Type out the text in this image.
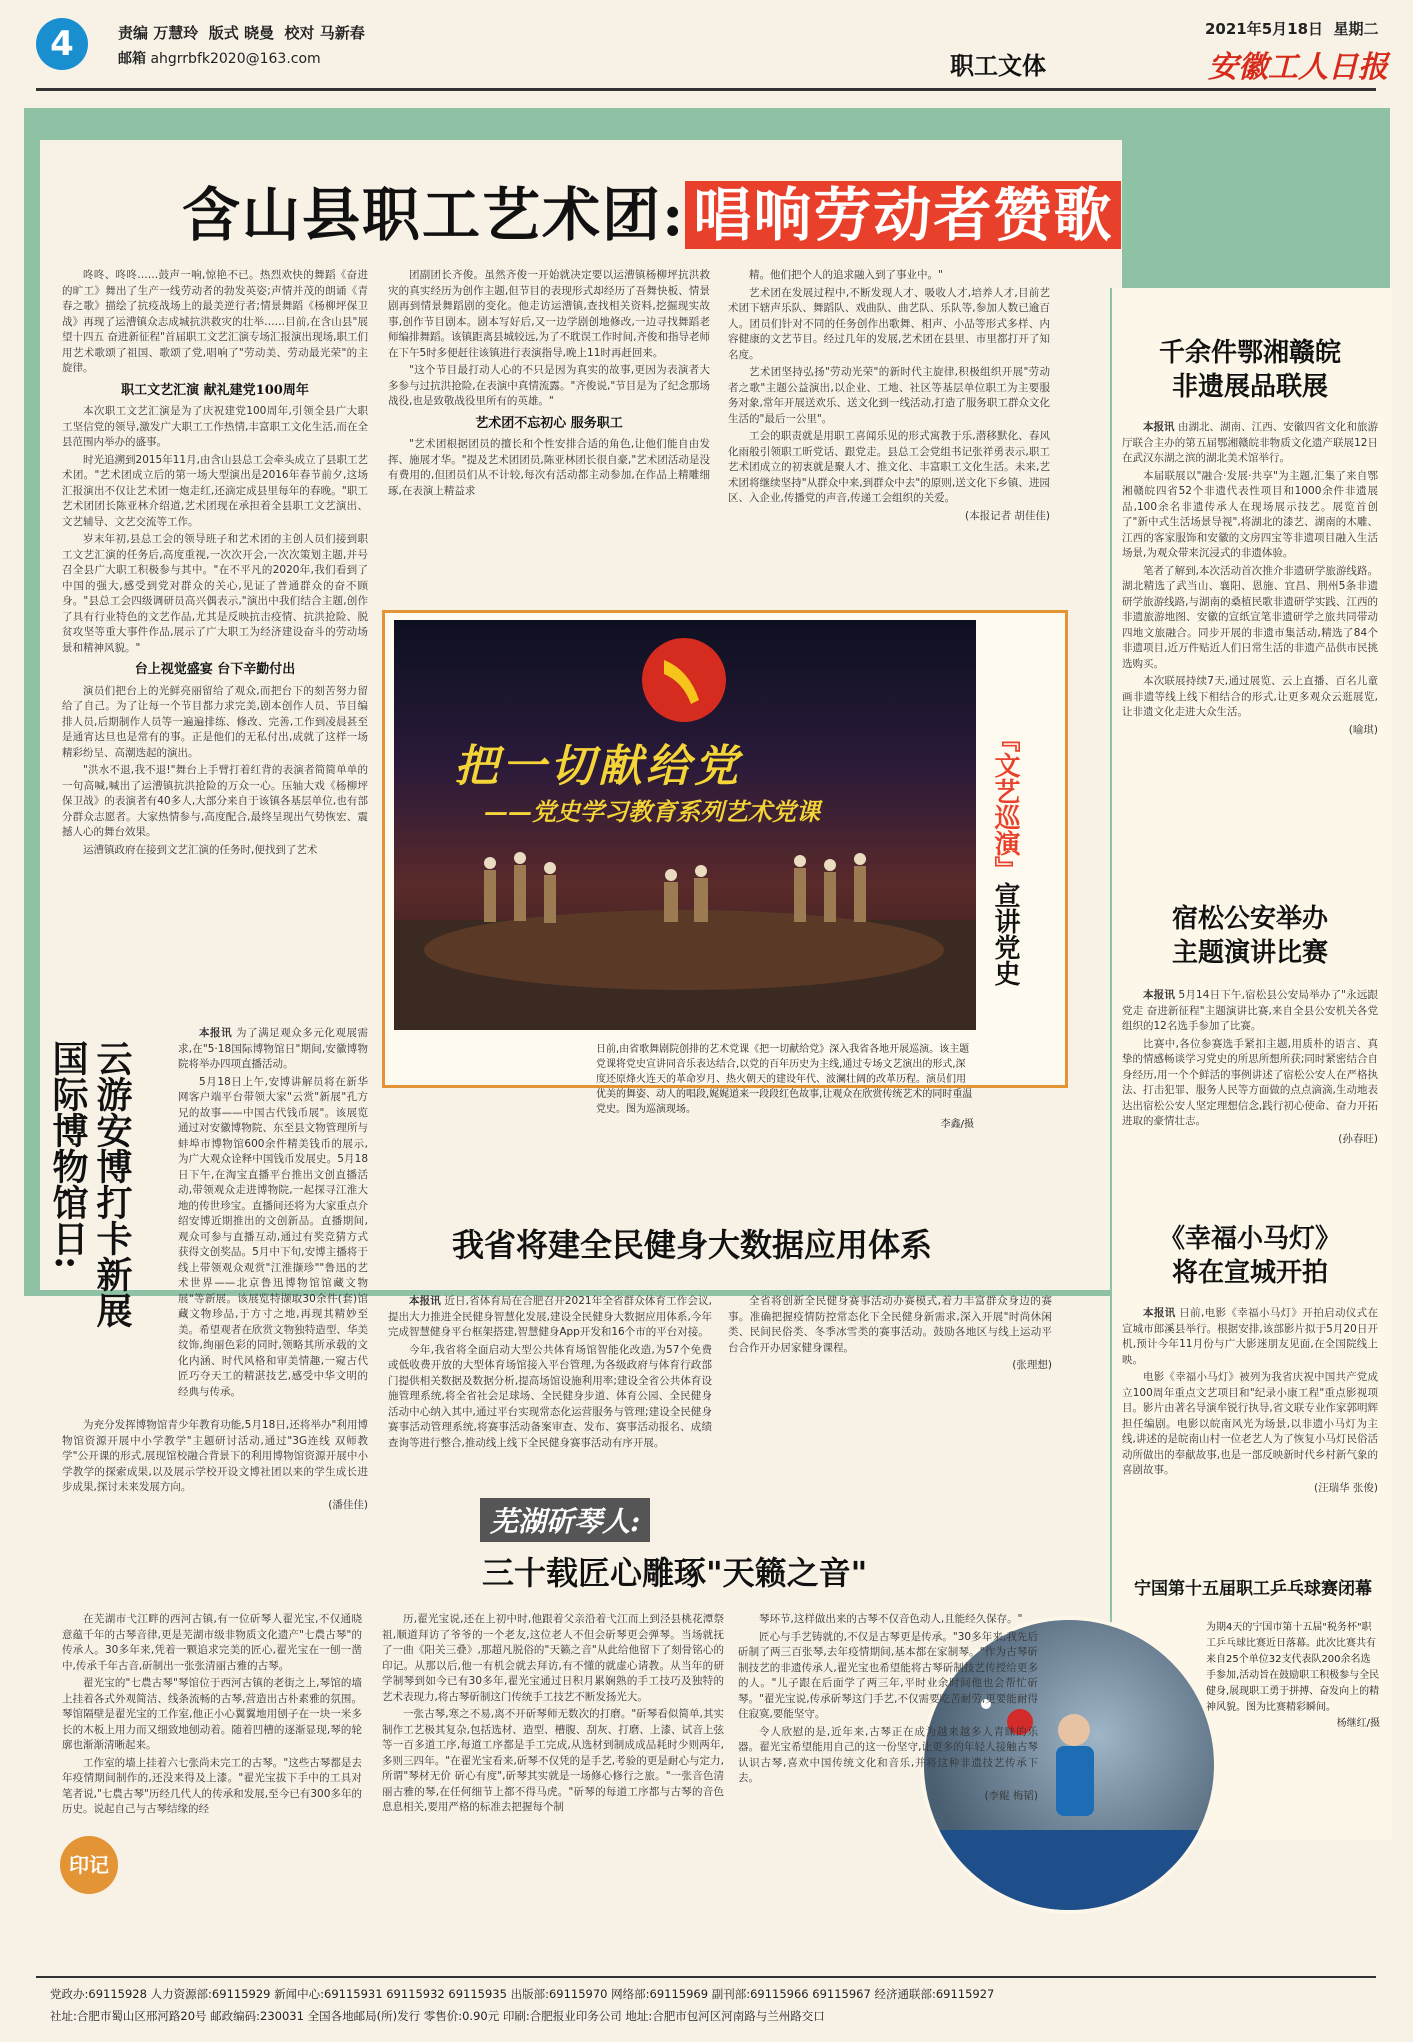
4	责编 万慧玲 版式 晓曼 校对 马新春
邮箱 ahgrrbfk2020@163.com	职工文体
2021年5月18日 星期二
安徽工人日报
含山县职工艺术团: 唱响劳动者赞歌

咚咚、咚咚……鼓声一响,惊艳不已。热烈欢快的舞蹈《奋进的旷工》舞出了生产一线劳动者的勃发英姿;声情并茂的朗诵《青春之歌》描绘了抗疫战场上的最美逆行者;情景舞蹈《杨柳坪保卫战》再现了运漕镇众志成城抗洪救灾的壮举……目前,在含山县"展望十四五 奋进新征程"首届职工文艺汇演专场汇报演出现场,职工们用艺术歌颂了祖国、歌颂了党,唱响了"劳动美、劳动最光荣"的主旋律。

职工文艺汇演 献礼建党100周年

本次职工文艺汇演是为了庆祝建党100周年,引领全县广大职工坚信党的领导,激发广大职工工作热情,丰富职工文化生活,而在全县范围内举办的盛事。

时光追溯到2015年11月,由含山县总工会牵头成立了县职工艺术团。"艺术团成立后的第一场大型演出是2016年春节前夕,这场汇报演出不仅让艺术团一炮走红,还滴定成县里每年的春晚。"职工艺术团团长陈亚林介绍道,艺术团现在承担着全县职工文艺演出、文艺辅导、文艺交流等工作。

岁末年初,县总工会的领导班子和艺术团的主创人员们接到职工文艺汇演的任务后,高度重视,一次次开会,一次次策划主题,并号召全县广大职工积极参与其中。"在不平凡的2020年,我们看到了中国的强大,感受到党对群众的关心,见证了普通群众的奋不顾身。"县总工会四级调研员高兴偶表示,"演出中我们结合主题,创作了具有行业特色的文艺作品,尤其是反映抗击疫情、抗洪抢险、脱贫攻坚等重大事件作品,展示了广大职工为经济建设奋斗的劳动场景和精神风貌。"

台上视觉盛宴 台下辛勤付出

演员们把台上的光鲜亮丽留给了观众,而把台下的刻苦努力留给了自己。为了让每一个节目都力求完美,剧本创作人员、节目编排人员,后期制作人员等一遍遍排练、修改、完善,工作到凌晨甚至是通宵达旦也是常有的事。正是他们的无私付出,成就了这样一场精彩纷呈、高潮迭起的演出。

"洪水不退,我不退!"舞台上手臂打着红背的表演者简简单单的一句高喊,喊出了运漕镇抗洪抢险的万众一心。压轴大戏《杨柳坪保卫战》的表演者有40多人,大部分来自于该镇各基层单位,也有部分群众志愿者。大家热情参与,高度配合,最终呈现出气势恢宏、震撼人心的舞台效果。

运漕镇政府在接到文艺汇演的任务时,便找到了艺术

团副团长齐俊。虽然齐俊一开始就决定要以运漕镇杨柳坪抗洪救灾的真实经历为创作主题,但节目的表现形式却经历了吾舞快板、情景剧再到情景舞蹈剧的变化。他走访运漕镇,查找相关资料,挖掘现实故事,创作节目剧本。剧本写好后,又一边学剧创地修改,一边寻找舞蹈老师编排舞蹈。该镇距离县城较远,为了不耽误工作时间,齐俊和指导老师在下午5时多便赶往该镇进行表演指导,晚上11时再赶回来。

"这个节目最打动人心的不只是因为真实的故事,更因为表演者大多参与过抗洪抢险,在表演中真情流露。"齐俊说,"节目是为了纪念那场战役,也是致敬战役里所有的英雄。"

艺术团不忘初心 服务职工

"艺术团根据团员的擅长和个性安排合适的角色,让他们能自由发挥、施展才华。"提及艺术团团员,陈亚林团长很自豪,"艺术团活动是没有费用的,但团员们从不计较,每次有活动都主动参加,在作品上精雕细琢,在表演上精益求

精。他们把个人的追求融入到了事业中。"

艺术团在发展过程中,不断发现人才、吸收人才,培养人才,目前艺术团下辖声乐队、舞蹈队、戏曲队、曲艺队、乐队等,参加人数已逾百人。团员们针对不同的任务创作出歌舞、相声、小品等形式多样、内容健康的文艺节目。经过几年的发展,艺术团在县里、市里都打开了知名度。

艺术团坚持弘扬"劳动光荣"的新时代主旋律,积极组织开展"劳动者之歌"主题公益演出,以企业、工地、社区等基层单位职工为主要服务对象,常年开展送欢乐、送文化到一线活动,打造了服务职工群众文化生活的"最后一公里"。

工会的职责就是用职工喜闻乐见的形式寓教于乐,潜移默化、春风化雨般引领职工昕党话、跟党走。县总工会党组书记张祥勇表示,职工艺术团成立的初衷就是聚人才、推文化、丰富职工文化生活。未来,艺术团将继续坚持"从群众中来,到群众中去"的原则,送文化下乡镇、进园区、入企业,传播党的声音,传递工会组织的关爱。

(本报记者 胡佳佳)
把一切献给党
——党史学习教育系列艺术党课	『文艺巡演』宣讲党史
日前,由省歌舞剧院创排的艺术党课《把一切献给党》深入我省各地开展巡演。该主题党课将党史宣讲同音乐表达结合,以党的百年历史为主线,通过专场文艺演出的形式,深度还原烽火连天的革命岁月、热火朝天的建设年代、波澜壮阔的改革历程。演员们用优美的舞姿、动人的唱段,娓娓道来一段段红色故事,让观众在欣赏传统艺术的同时重温党史。图为巡演现场。
李鑫/摄
云游安博打卡新展 国际博物馆日:

本报讯 为了满足观众多元化观展需求,在"5·18国际博物馆日"期间,安徽博物院将举办四项直播活动。

5月18日上午,安博讲解员将在新华网客户端平台带领大家"云赏"新展"孔方兄的故事——中国古代钱币展"。该展览通过对安徽博物院、东至县文物管理所与蚌埠市博物馆600余件精美钱币的展示,为广大观众诠释中国钱币发展史。5月18日下午,在淘宝直播平台推出文创直播活动,带领观众走进博物院,一起探寻江淮大地的传世珍宝。直播间还将为大家重点介绍安博近期推出的文创新品。直播期间,观众可参与直播互动,通过有奖竞猜方式获得文创奖品。5月中下旬,安博主播将于线上带领观众观赏"江淮撷珍""鲁迅的艺术世界——北京鲁迅博物馆馆藏文物展"等新展。该展览特撷取30余件(套)馆藏文物珍品,于方寸之地,再现其精妙至美。希望观者在欣赏文物独特造型、华美纹饰,绚丽色彩的同时,领略其所承载的文化内涵、时代风格和审美情趣,一窥古代匠巧夺天工的精湛技艺,感受中华文明的经典与传承。

为充分发挥博物馆青少年教育功能,5月18日,还将举办"利用博物馆资源开展中小学教学"主题研讨活动,通过"3G连线 双师教学"公开课的形式,展现馆校融合背景下的利用博物馆资源开展中小学教学的探索成果,以及展示学校开设文博社团以来的学生成长进步成果,探讨未来发展方向。

(潘佳佳)
我省将建全民健身大数据应用体系

本报讯 近日,省体育局在合肥召开2021年全省群众体育工作会议,提出大力推进全民健身智慧化发展,建设全民健身大数据应用体系,今年完成智慧健身平台框架搭建,智慧健身App开发和16个市的平台对接。

今年,我省将全面启动大型公共体育场馆智能化改造,为57个免费或低收费开放的大型体育场馆接入平台管理,为各级政府与体育行政部门提供相关数据及数据分析,提高场馆设施利用率;建设全省公共体育设施管理系统,将全省社会足球场、全民健身步道、体育公园、全民健身活动中心纳入其中,通过平台实现常态化运营服务与管理;建设全民健身赛事活动管理系统,将赛事活动备案审查、发布、赛事活动报名、成绩查询等进行整合,推动线上线下全民健身赛事活动有序开展。

全省将创新全民健身赛事活动办赛模式,着力丰富群众身边的赛事。准确把握疫情防控常态化下全民健身新需求,深入开展"时尚休闲类、民间民俗类、冬季冰雪类的赛事活动。鼓励各地区与线上运动平台合作开办居家健身课程。

(张理想)
千余件鄂湘赣皖
非遗展品联展

本报讯 由湖北、湖南、江西、安徽四省文化和旅游厅联合主办的第五届鄂湘赣皖非物质文化遗产联展12日在武汉东湖之滨的湖北美术馆举行。

本届联展以"融合·发展·共享"为主题,汇集了来自鄂湘赣皖四省52个非遗代表性项目和1000余件非遗展品,100余名非遗传承人在现场展示技艺。展览首创了"新中式生活场景导视",将湖北的漆艺、湖南的木雕、江西的客家服饰和安徽的文房四宝等非遗项目融入生活场景,为观众带来沉浸式的非遗体验。

笔者了解到,本次活动首次推介非遗研学旅游线路。湖北精选了武当山、襄阳、恩施、宜昌、荆州5条非遗研学旅游线路,与湖南的桑植民歌非遗研学实践、江西的非遗旅游地图、安徽的宣纸宣笔非遗研学之旅共同带动四地文旅融合。同步开展的非遗市集活动,精选了84个非遗项目,近万件贴近人们日常生活的非遗产品供市民挑选购买。

本次联展持续7天,通过展览、云上直播、百名儿童画非遗等线上线下相结合的形式,让更多观众云逛展览,让非遗文化走进大众生活。

(喻琪)
宿松公安举办
主题演讲比赛

本报讯 5月14日下午,宿松县公安局举办了"永远跟党走 奋进新征程"主题演讲比赛,来自全县公安机关各党组织的12名选手参加了比赛。

比赛中,各位参赛选手紧扣主题,用质朴的语言、真挚的情感畅谈学习党史的所思所想所获;同时紧密结合自身经历,用一个个鲜活的事例讲述了宿松公安人在严格执法、打击犯罪、服务人民等方面做的点点滴滴,生动地表达出宿松公安人坚定理想信念,践行初心使命、奋力开拓进取的豪情壮志。

(孙春旺)
《幸福小马灯》
将在宣城开拍

本报讯 日前,电影《幸福小马灯》开拍启动仪式在宣城市郎溪县举行。根据安排,该部影片拟于5月20日开机,预计今年11月份与广大影迷朋友见面,在全国院线上映。

电影《幸福小马灯》被列为我省庆祝中国共产党成立100周年重点文艺项目和"纪录小康工程"重点影视项目。影片由著名导演牟锐行执导,省文联专业作家郭明辉担任编剧。电影以皖南风光为场景,以非遗小马灯为主线,讲述的是皖南山村一位老艺人为了恢复小马灯民俗活动所做出的奉献故事,也是一部反映新时代乡村新气象的喜剧故事。

(汪瑞华 张俊)
宁国第十五届职工乒乓球赛闭幕
为期4天的宁国市第十五届"税务杯"职工乒乓球比赛近日落幕。此次比赛共有来自25个单位32支代表队200余名选手参加,活动旨在鼓励职工积极参与全民健身,展现职工勇于拼搏、奋发向上的精神风貌。图为比赛精彩瞬间。
杨继红/摄
芜湖斫琴人:
三十载匠心雕琢"天籁之音"

在芜湖市弋江畔的西河古镇,有一位斫琴人翟光宝,不仅通晓意蕴千年的古琴音律,更是芜湖市级非物质文化遗产"七農古琴"的传承人。30多年来,凭着一颗追求完美的匠心,翟光宝在一刨一凿中,传承千年古音,斫制出一张张清丽古雅的古琴。

翟光宝的"七農古琴"琴馆位于西河古镇的老街之上,琴馆的墙上挂着各式外观简洁、线条流畅的古琴,营造出古朴素雅的氛围。琴馆隔壁是翟光宝的工作室,他正小心翼翼地用刨子在一块一米多长的木板上用力而又细致地刨动着。随着凹槽的逐渐显现,琴的轮廓也渐渐清晰起来。

工作室的墙上挂着六七张尚未完工的古琴。"这些古琴都是去年疫情期间制作的,还没来得及上漆。"翟光宝拔下手中的工具对笔者说,"七農古琴"历经几代人的传承和发展,至今已有300多年的历史。说起自己与古琴结缘的经

印记

历,翟光宝说,还在上初中时,他跟着父亲沿着弋江而上到泾县桃花潭祭祖,顺道拜访了爷爷的一个老友,这位老人不但会斫琴更会弹琴。当场就抚了一曲《阳关三叠》,那超凡脱俗的"天籁之音"从此给他留下了刻骨铭心的印记。从那以后,他一有机会就去拜访,有不懂的就虚心请教。从当年的研学制琴到如今已有30多年,翟光宝通过日积月累娴熟的手工技巧及独特的艺术表现力,将古琴斫制这门传统手工技艺不断发扬光大。

一张古琴,寒之不易,离不开斫琴师无数次的打磨。"斫琴看似简单,其实制作工艺极其复杂,包括选材、造型、槽腹、刮灰、打磨、上漆、试音上弦等一百多道工序,每道工序都是手工完成,从选材到制成成品耗时少则两年,多则三四年。"在翟光宝看来,斫琴不仅凭的是手艺,考验的更是耐心与定力,所谓"琴材无价 斫心有度",斫琴其实就是一场修心修行之旅。"一张音色清丽古雅的琴,在任何细节上都不得马虎。"斫琴的每道工序都与古琴的音色息息相关,要用严格的标准去把握每个制

琴环节,这样做出来的古琴不仅音色动人,且能经久保存。"

匠心与手艺铸就的,不仅是古琴更是传承。"30多年来,我先后斫制了两三百张琴,去年疫情期间,基本都在家制琴。"作为古琴斫制技艺的非遗传承人,翟光宝也希望能将古琴斫制技艺传授给更多的人。"儿子跟在后面学了两三年,平时业余时间他也会帮忙斫琴。"翟光宝说,传承斫琴这门手艺,不仅需要吃苦耐劳,更要能耐得住寂寞,要能坚守。

令人欣慰的是,近年来,古琴正在成为越来越多人青睐的乐器。翟光宝希望能用自己的这一份坚守,让更多的年轻人接触古琴认识古琴,喜欢中国传统文化和音乐,并将这种非遗技艺传承下去。

(李鲲 梅韬)
党政办:69115928 人力资源部:69115929 新闻中心:69115931 69115932 69115935 出版部:69115970 网络部:69115969 副刊部:69115966 69115967 经济通联部:69115927
社址:合肥市蜀山区邢河路20号 邮政编码:230031 全国各地邮局(所)发行 零售价:0.90元 印刷:合肥报业印务公司 地址:合肥市包河区河南路与兰州路交口
